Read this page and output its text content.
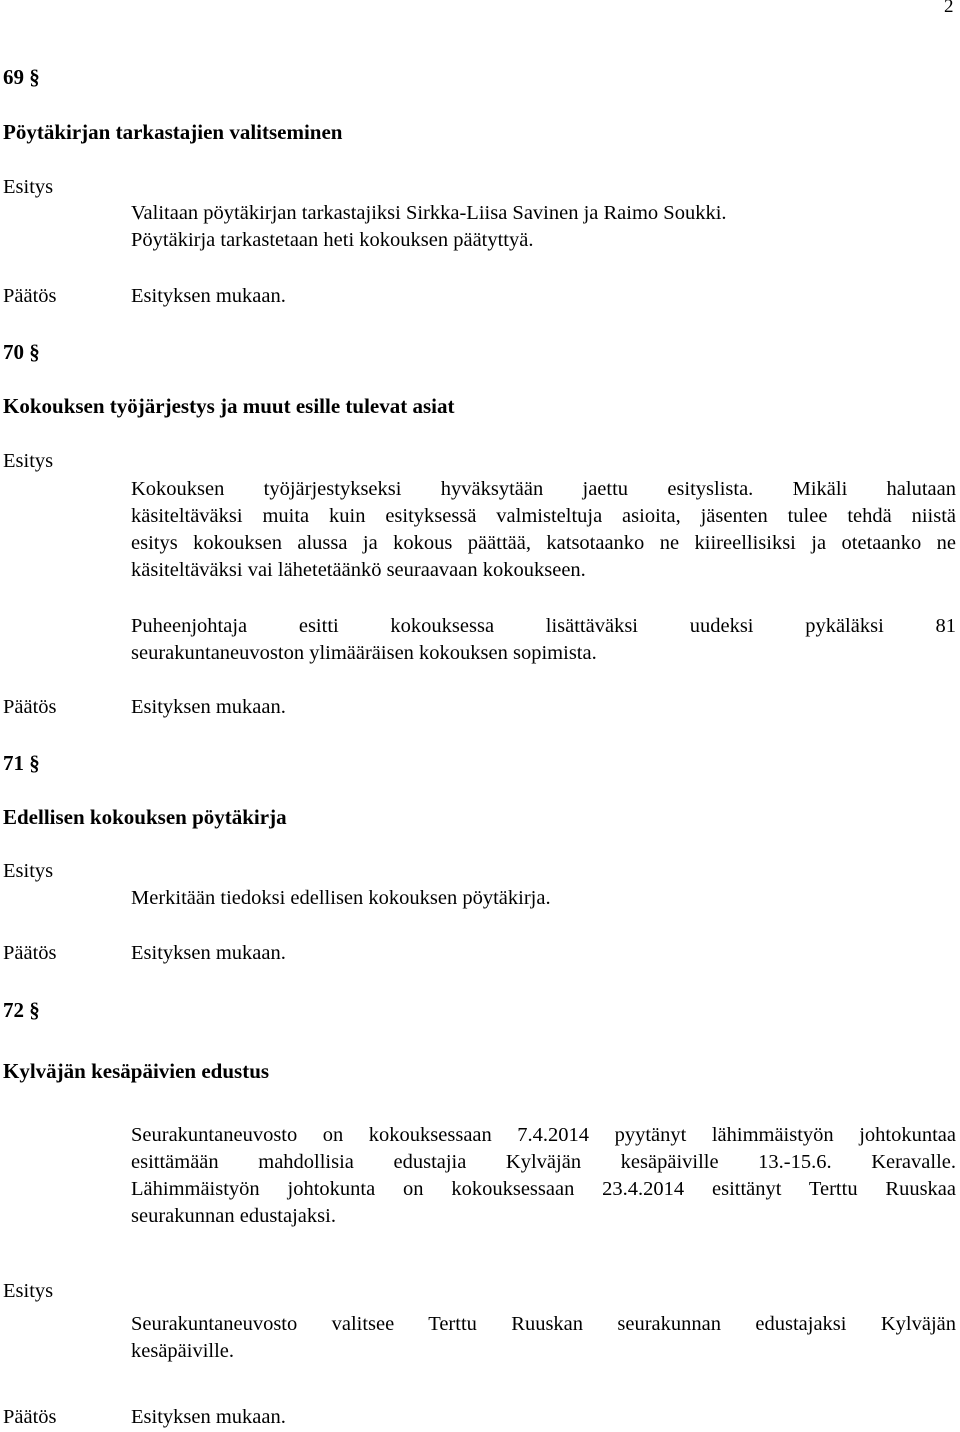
2
69 §
Pöytäkirjan tarkastajien valitseminen
Esitys
Valitaan pöytäkirjan tarkastajiksi Sirkka-Liisa Savinen ja Raimo Soukki.
Pöytäkirja tarkastetaan heti kokouksen päätyttyä.
Päätös	Esityksen mukaan.
70 §
Kokouksen työjärjestys ja muut esille tulevat asiat
Esitys
Kokouksen työjärjestykseksi hyväksytään jaettu esityslista. Mikäli halutaan
käsiteltäväksi muita kuin esityksessä valmisteltuja asioita, jäsenten tulee tehdä niistä
esitys kokouksen alussa ja kokous päättää, katsotaanko ne kiireellisiksi ja otetaanko ne
käsiteltäväksi vai lähetetäänkö seuraavaan kokoukseen.
Puheenjohtaja esitti kokouksessa lisättäväksi uudeksi pykäläksi 81
seurakuntaneuvoston ylimääräisen kokouksen sopimista.
Päätös	Esityksen mukaan.
71 §
Edellisen kokouksen pöytäkirja
Esitys
Merkitään tiedoksi edellisen kokouksen pöytäkirja.
Päätös	Esityksen mukaan.
72 §
Kylväjän kesäpäivien edustus
Seurakuntaneuvosto on kokouksessaan 7.4.2014 pyytänyt lähimmäistyön johtokuntaa
esittämään mahdollisia edustajia Kylväjän kesäpäiville 13.-15.6. Keravalle.
Lähimmäistyön johtokunta on kokouksessaan 23.4.2014 esittänyt Terttu Ruuskaa
seurakunnan edustajaksi.
Esitys
Seurakuntaneuvosto valitsee Terttu Ruuskan seurakunnan edustajaksi Kylväjän
kesäpäiville.
Päätös	Esityksen mukaan.
